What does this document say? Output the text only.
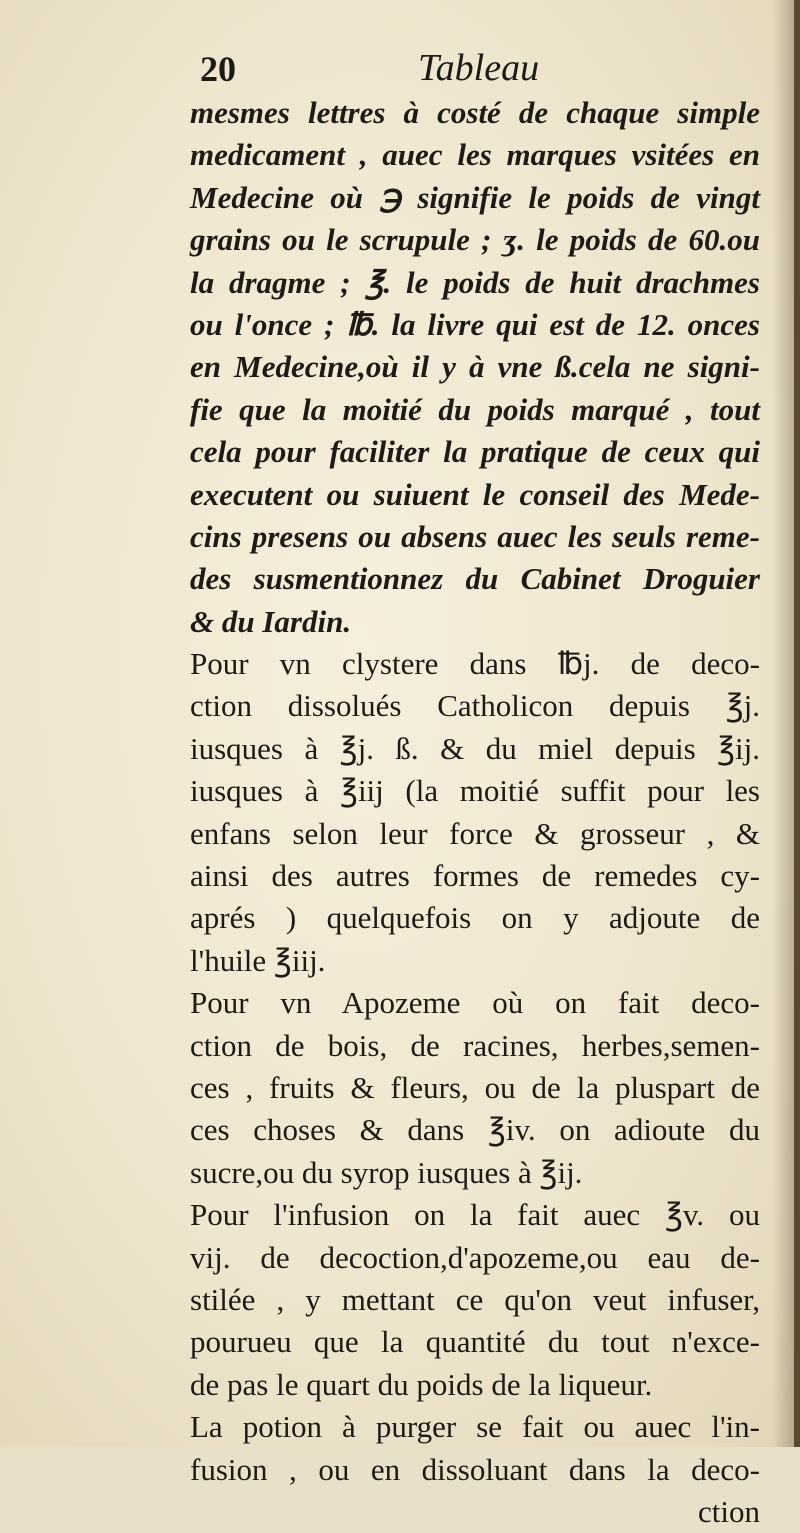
20	Tableau
mesmes lettres à costé de chaque simple
medicament , auec les marques vsitées en
Medecine où ℈ signifie le poids de vingt
grains ou le scrupule ; ʒ. le poids de 60.ou
la dragme ; ℥. le poids de huit drachmes
ou l'once ; ℔. la livre qui est de 12. onces
en Medecine,où il y à vne ß.cela ne signi-
fie que la moitié du poids marqué , tout
cela pour faciliter la pratique de ceux qui
executent ou suiuent le conseil des Mede-
cins presens ou absens auec les seuls reme-
des susmentionnez du Cabinet Droguier
& du Iardin.
Pour vn clystere dans ℔j. de deco-
ction dissolués Catholicon depuis ℥j.
iusques à ℥j. ß. & du miel depuis ℥ij.
iusques à ℥iij (la moitié suffit pour les
enfans selon leur force & grosseur , &
ainsi des autres formes de remedes cy-
aprés ) quelquefois on y adjoute de
l'huile ℥iij.
Pour vn Apozeme où on fait deco-
ction de bois, de racines, herbes,semen-
ces , fruits & fleurs, ou de la pluspart de
ces choses & dans ℥iv. on adioute du
sucre,ou du syrop iusques à ℥ij.
Pour l'infusion on la fait auec ℥v. ou
vij. de decoction,d'apozeme,ou eau de-
stilée , y mettant ce qu'on veut infuser,
pourueu que la quantité du tout n'exce-
de pas le quart du poids de la liqueur.
La potion à purger se fait ou auec l'in-
fusion , ou en dissoluant dans la deco-
ction
